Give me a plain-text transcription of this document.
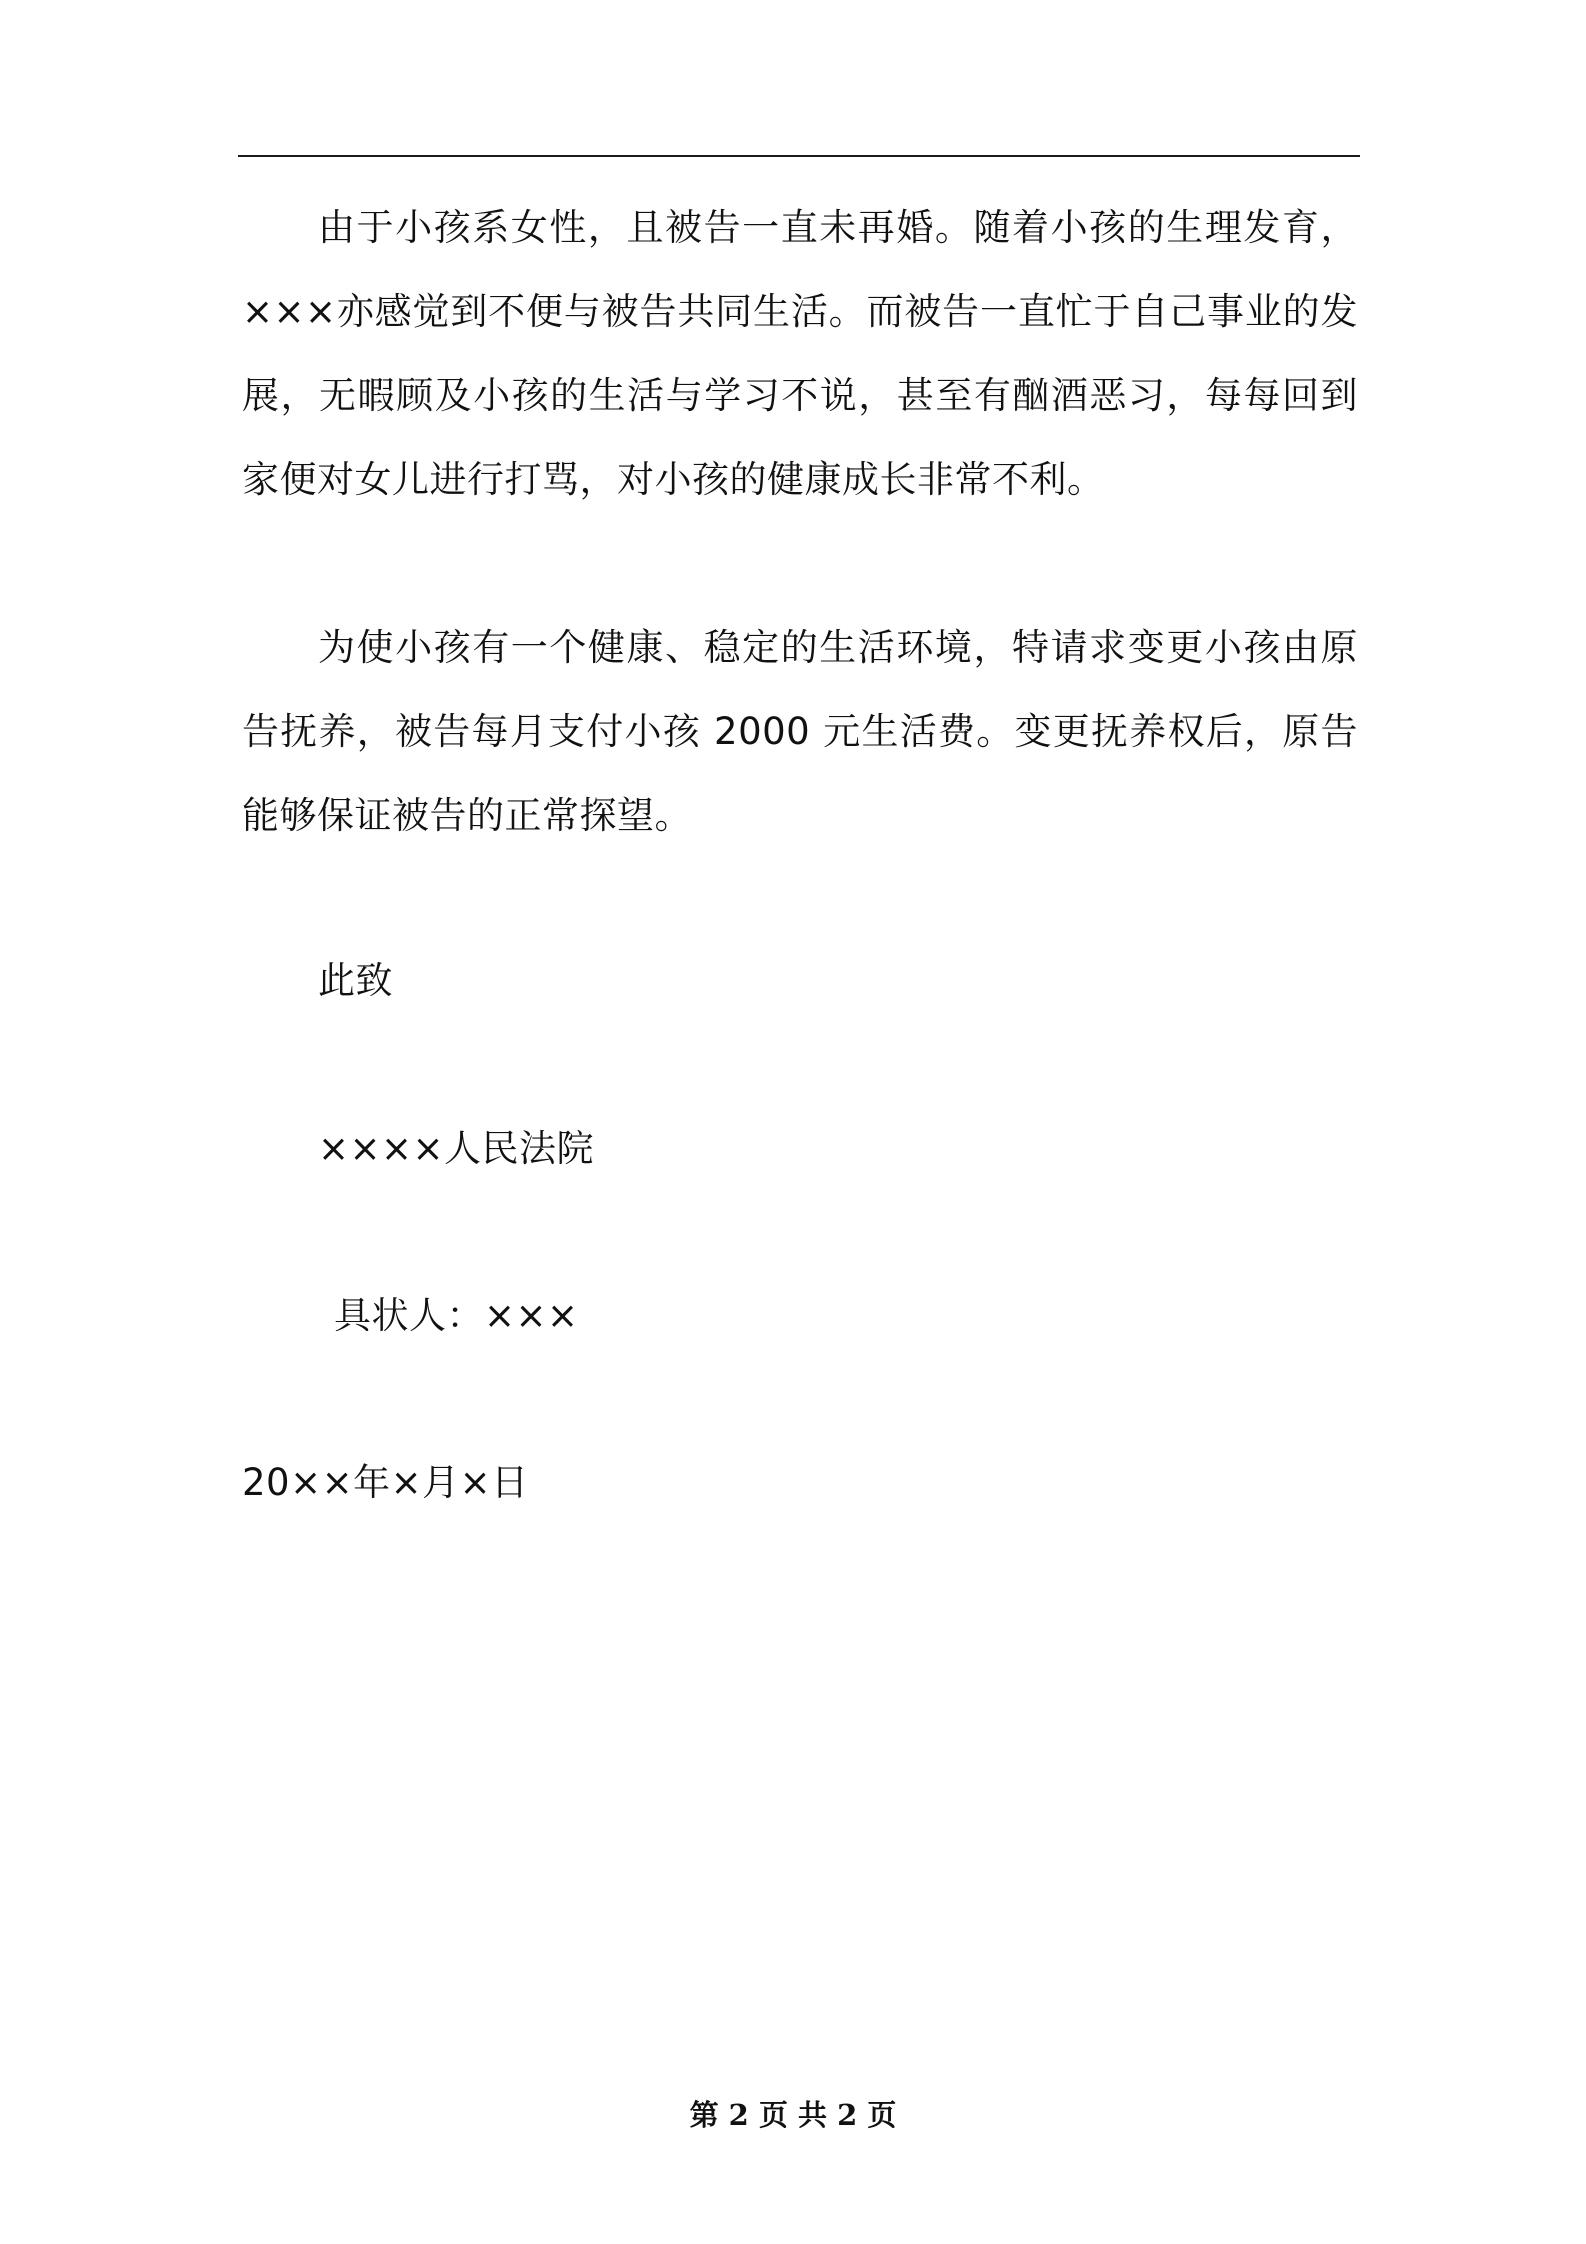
由于小孩系女性，且被告一直未再婚。随着小孩的生理发育，×××亦感觉到不便与被告共同生活。而被告一直忙于自己事业的发展，无暇顾及小孩的生活与学习不说，甚至有酗酒恶习，每每回到家便对女儿进行打骂，对小孩的健康成长非常不利。

为使小孩有一个健康、稳定的生活环境，特请求变更小孩由原告抚养，被告每月支付小孩 2000 元生活费。变更抚养权后，原告能够保证被告的正常探望。

此致
××××人民法院
具状人：×××
20××年×月×日
第 2 页 共 2 页
